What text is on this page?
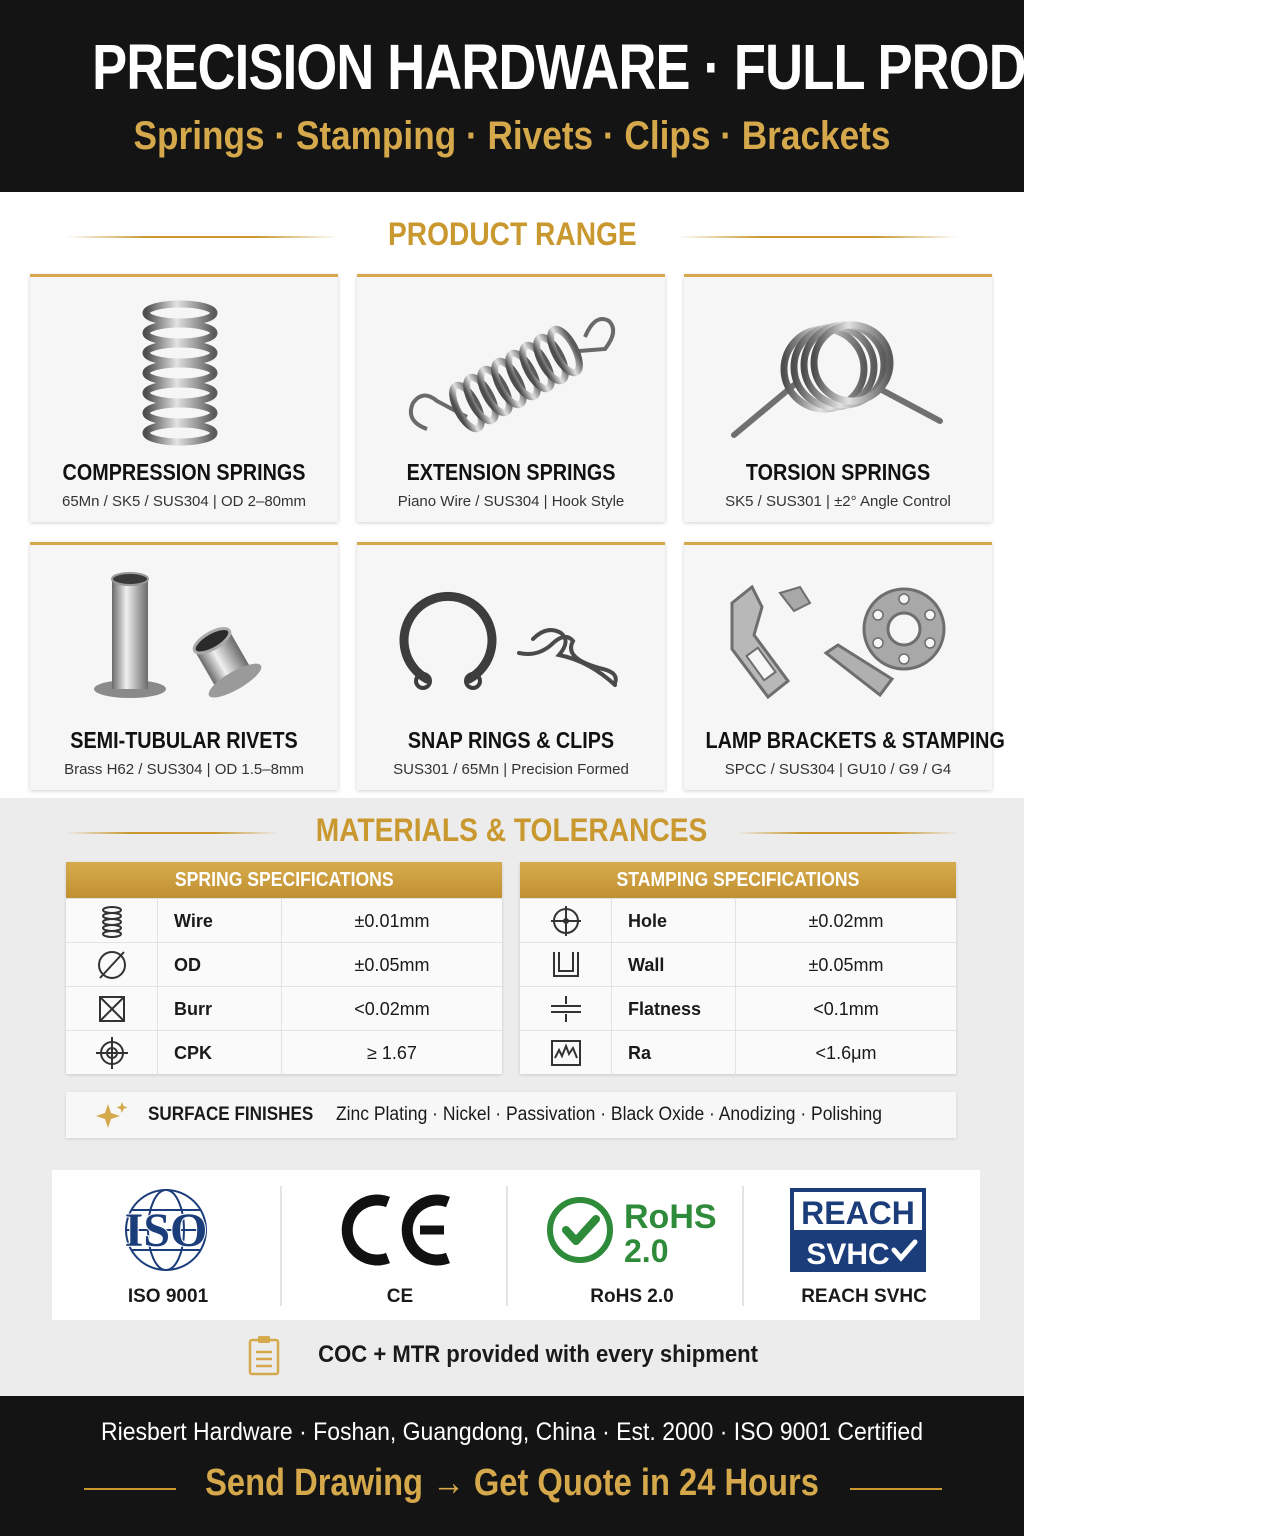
PRECISION HARDWARE · FULL PRODUCT LINE
Springs · Stamping · Rivets · Clips · Brackets
PRODUCT RANGE
COMPRESSION SPRINGS
65Mn / SK5 / SUS304 | OD 2–80mm
EXTENSION SPRINGS
Piano Wire / SUS304 | Hook Style
TORSION SPRINGS
SK5 / SUS301 | ±2° Angle Control
SEMI-TUBULAR RIVETS
Brass H62 / SUS304 | OD 1.5–8mm
SNAP RINGS & CLIPS
SUS301 / 65Mn | Precision Formed
LAMP BRACKETS & STAMPING
SPCC / SUS304 | GU10 / G9 / G4
MATERIALS & TOLERANCES
SPRING SPECIFICATIONS
Wire	±0.01mm
OD	±0.05mm
Burr	<0.02mm
CPK	≥ 1.67
STAMPING SPECIFICATIONS
Hole	±0.02mm
Wall	±0.05mm
Flatness	<0.1mm
Ra	<1.6μm
SURFACE FINISHES Zinc Plating · Nickel · Passivation · Black Oxide · Anodizing · Polishing
ISO
ISO 9001	CE
RoHS
2.0
RoHS 2.0
REACH
SVHC
REACH SVHC
COC + MTR provided with every shipment
Riesbert Hardware · Foshan, Guangdong, China · Est. 2000 · ISO 9001 Certified
Send Drawing → Get Quote in 24 Hours
